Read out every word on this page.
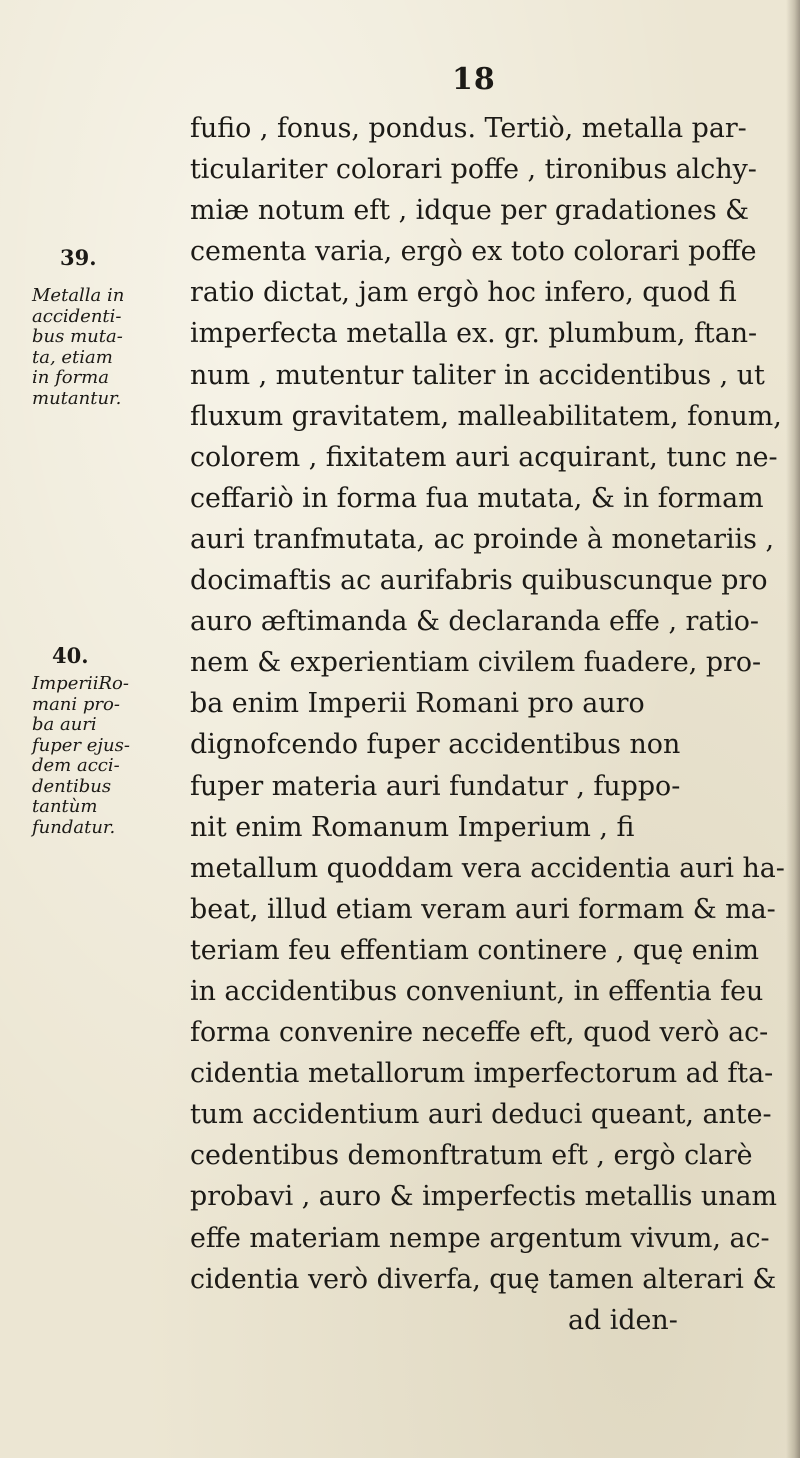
18
fufio , fonus, pondus. Tertiò, metalla par-
ticulariter colorari poffe , tironibus alchy-
miæ notum eft , idque per gradationes &
cementa varia, ergò ex toto colorari poffe
ratio dictat, jam ergò hoc infero, quod fi
imperfecta metalla ex. gr. plumbum, ftan-
num , mutentur taliter in accidentibus , ut
fluxum gravitatem, malleabilitatem, fonum,
colorem , fixitatem auri acquirant, tunc ne-
ceffariò in forma fua mutata, & in formam
auri tranfmutata, ac proinde à monetariis ,
docimaftis ac aurifabris quibuscunque pro
auro æftimanda & declaranda effe , ratio-
nem & experientiam civilem fuadere, pro-
ba enim Imperii Romani pro auro
dignofcendo fuper accidentibus non
fuper materia auri fundatur , fuppo-
nit enim Romanum Imperium , fi
metallum quoddam vera accidentia auri ha-
beat, illud etiam veram auri formam & ma-
teriam feu effentiam continere , quę enim
in accidentibus conveniunt, in effentia feu
forma convenire neceffe eft, quod verò ac-
cidentia metallorum imperfectorum ad fta-
tum accidentium auri deduci queant, ante-
cedentibus demonftratum eft , ergò clarè
probavi , auro & imperfectis metallis unam
effe materiam nempe argentum vivum, ac-
cidentia verò diverfa, quę tamen alterari &
ad iden-
39.
Metalla in
accidenti-
bus muta-
ta, etiam
in forma
mutantur.
40.
ImperiiRo-
mani pro-
ba auri
fuper ejus-
dem acci-
dentibus
tantùm
fundatur.
